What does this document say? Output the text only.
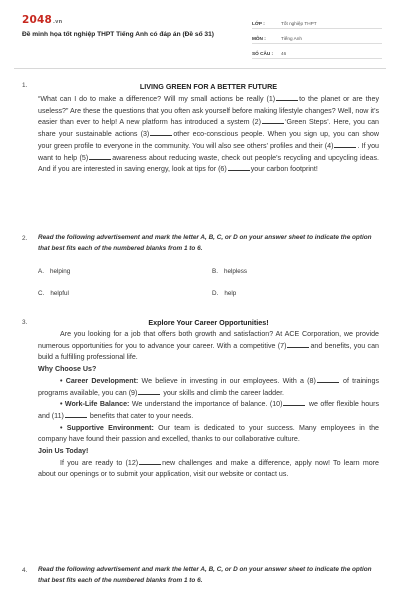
2048.vn
Đề minh họa tốt nghiệp THPT Tiếng Anh có đáp án (Đề số 31)
LỚP :	Tốt nghiệp THPT
MÔN :	Tiếng Anh
SỐ CÂU :	46
1.	LIVING GREEN FOR A BETTER FUTURE
“What can I do to make a difference? Will my small actions be really (1)	to the planet or are they useless?” Are these the questions that you often ask yourself before making lifestyle changes? Well, now it’s easier than ever to help! A new platform has introduced a system (2)	‘Green Steps’. Here, you can share your sustainable actions (3)	other eco-conscious people. When you sign up, you can show your green profile to everyone in the community. You will also see others’ profiles and their (4)	. If you want to help (5)	awareness about reducing waste, check out people’s recycling and upcycling ideas. And if you are interested in saving energy, look at tips for (6)	your carbon footprint!
2. Read the following advertisement and mark the letter A, B, C, or D on your answer sheet to indicate the option that best fits each of the numbered blanks from 1 to 6.
A. helping	B. helpless
C. helpful	D. help
3.	Explore Your Career Opportunities!
Are you looking for a job that offers both growth and satisfaction? At ACE Corporation, we provide numerous opportunities for you to advance your career. With a competitive (7)	and benefits, you can build a fulfilling professional life.
Why Choose Us?
• Career Development: We believe in investing in our employees. With a (8)	of trainings programs available, you can (9)	your skills and climb the career ladder.
• Work-Life Balance: We understand the importance of balance. (10)	we offer flexible hours and (11)	benefits that cater to your needs.
• Supportive Environment: Our team is dedicated to your success. Many employees in the company have found their passion and excelled, thanks to our collaborative culture.
Join Us Today!
If you are ready to (12)	new challenges and make a difference, apply now! To learn more about our openings or to submit your application, visit our website or contact us.
4. Read the following advertisement and mark the letter A, B, C, or D on your answer sheet to indicate the option that best fits each of the numbered blanks from 1 to 6.
